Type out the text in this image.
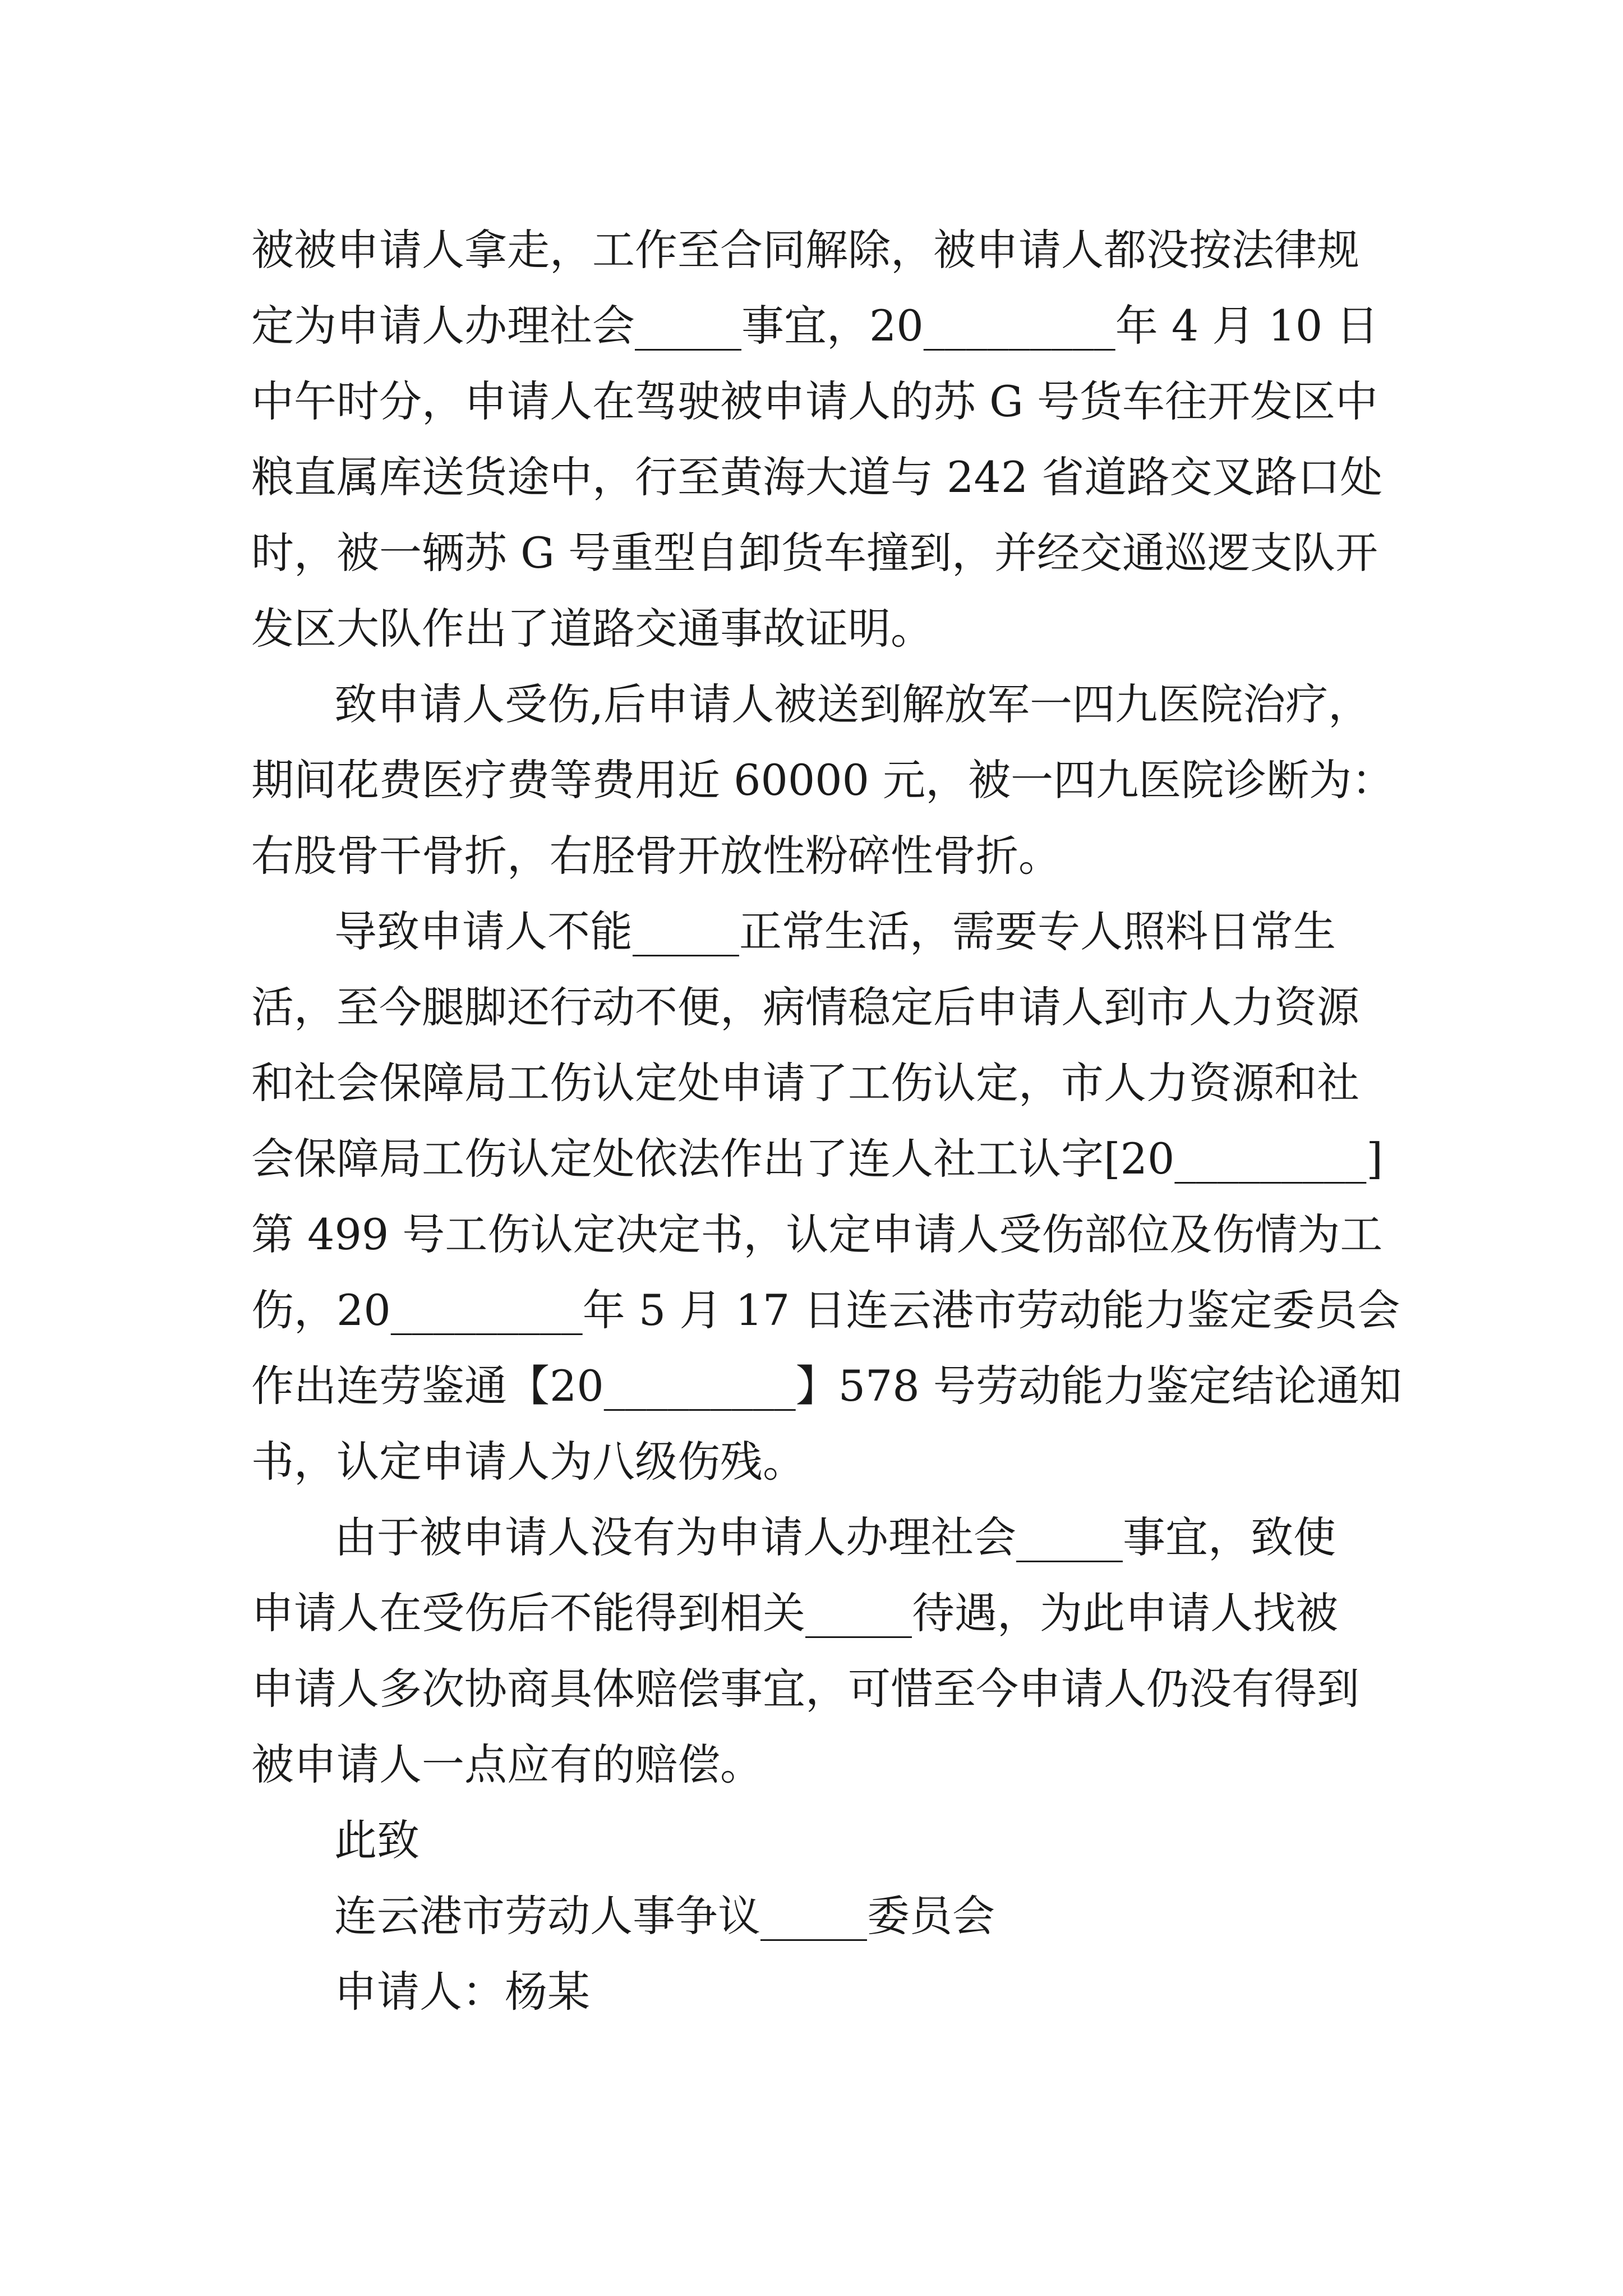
被被申请人拿走，工作至合同解除，被申请人都没按法律规
定为申请人办理社会_____事宜，20_________年 4 月 10 日
中午时分，申请人在驾驶被申请人的苏 G 号货车往开发区中
粮直属库送货途中，行至黄海大道与 242 省道路交叉路口处
时，被一辆苏 G 号重型自卸货车撞到，并经交通巡逻支队开
发区大队作出了道路交通事故证明。
致申请人受伤,后申请人被送到解放军一四九医院治疗，
期间花费医疗费等费用近 60000 元，被一四九医院诊断为：
右股骨干骨折，右胫骨开放性粉碎性骨折。
导致申请人不能_____正常生活，需要专人照料日常生
活，至今腿脚还行动不便，病情稳定后申请人到市人力资源
和社会保障局工伤认定处申请了工伤认定，市人力资源和社
会保障局工伤认定处依法作出了连人社工认字[20_________]
第 499 号工伤认定决定书，认定申请人受伤部位及伤情为工
伤，20_________年 5 月 17 日连云港市劳动能力鉴定委员会
作出连劳鉴通【20_________】578 号劳动能力鉴定结论通知
书，认定申请人为八级伤残。
由于被申请人没有为申请人办理社会_____事宜，致使
申请人在受伤后不能得到相关_____待遇，为此申请人找被
申请人多次协商具体赔偿事宜，可惜至今申请人仍没有得到
被申请人一点应有的赔偿。
此致
连云港市劳动人事争议_____委员会
申请人：杨某
